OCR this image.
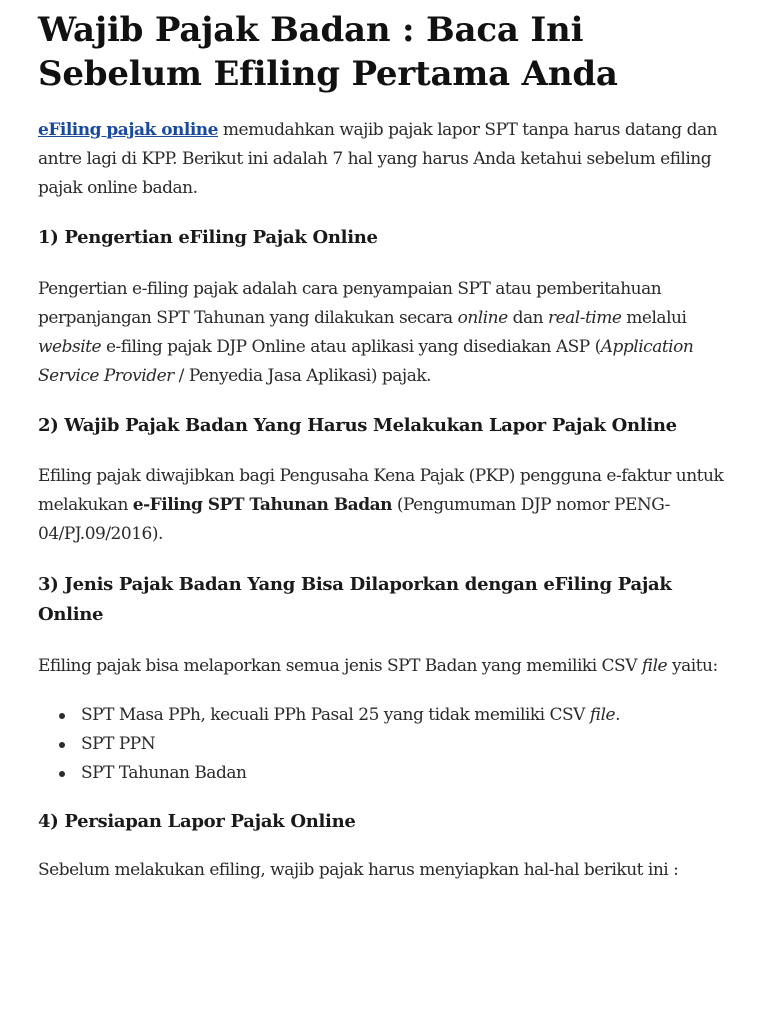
Wajib Pajak Badan : Baca Ini Sebelum Efiling Pertama Anda

eFiling pajak online memudahkan wajib pajak lapor SPT tanpa harus datang dan antre lagi di KPP. Berikut ini adalah 7 hal yang harus Anda ketahui sebelum efiling pajak online badan.

1) Pengertian eFiling Pajak Online

Pengertian e-filing pajak adalah cara penyampaian SPT atau pemberitahuan perpanjangan SPT Tahunan yang dilakukan secara online dan real-time melalui website e-filing pajak DJP Online atau aplikasi yang disediakan ASP (Application Service Provider / Penyedia Jasa Aplikasi) pajak.

2) Wajib Pajak Badan Yang Harus Melakukan Lapor Pajak Online

Efiling pajak diwajibkan bagi Pengusaha Kena Pajak (PKP) pengguna e-faktur untuk melakukan e-Filing SPT Tahunan Badan (Pengumuman DJP nomor PENG-04/PJ.09/2016).

3) Jenis Pajak Badan Yang Bisa Dilaporkan dengan eFiling Pajak Online

Efiling pajak bisa melaporkan semua jenis SPT Badan yang memiliki CSV file yaitu:

SPT Masa PPh, kecuali PPh Pasal 25 yang tidak memiliki CSV file.
SPT PPN
SPT Tahunan Badan
4) Persiapan Lapor Pajak Online

Sebelum melakukan efiling, wajib pajak harus menyiapkan hal-hal berikut ini :
